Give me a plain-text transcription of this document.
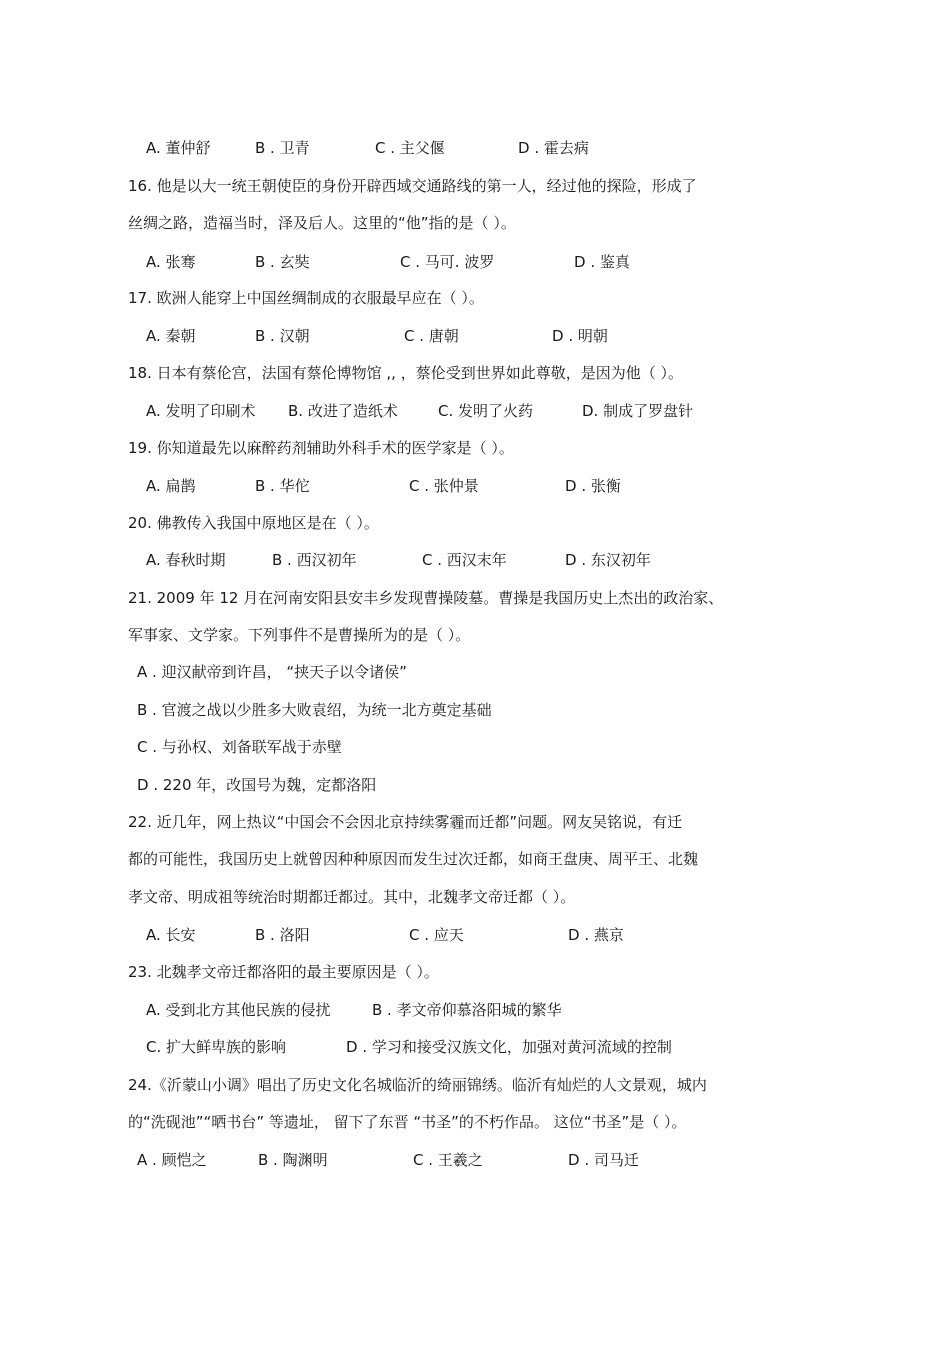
A. 董仲舒	B . 卫青	C . 主父偃	D . 霍去病
16. 他是以大一统王朝使臣的身份开辟西域交通路线的第一人，经过他的探险，形成了
丝绸之路，造福当时，泽及后人。这里的“他”指的是（ ）。
A. 张骞	B . 玄奘	C . 马可. 波罗	D . 鉴真
17. 欧洲人能穿上中国丝绸制成的衣服最早应在（ ）。
A. 秦朝	B . 汉朝	C . 唐朝	D . 明朝
18. 日本有蔡伦宫，法国有蔡伦博物馆 ,, ，蔡伦受到世界如此尊敬，是因为他（ ）。
A. 发明了印刷术 B. 改进了造纸术	C. 发明了火药	D. 制成了罗盘针
19. 你知道最先以麻醉药剂辅助外科手术的医学家是（ ）。
A. 扁鹊	B . 华佗	C . 张仲景	D . 张衡
20. 佛教传入我国中原地区是在（ ）。
A. 春秋时期	B . 西汉初年	C . 西汉末年	D . 东汉初年
21. 2009 年 12 月在河南安阳县安丰乡发现曹操陵墓。曹操是我国历史上杰出的政治家、
军事家、文学家。下列事件不是曹操所为的是（ ）。
A . 迎汉献帝到许昌， “挟天子以令诸侯”
B . 官渡之战以少胜多大败袁绍，为统一北方奠定基础
C . 与孙权、刘备联军战于赤壁
D . 220 年，改国号为魏，定都洛阳
22. 近几年，网上热议“中国会不会因北京持续雾霾而迁都”问题。网友吴铭说，有迁
都的可能性，我国历史上就曾因种种原因而发生过次迁都，如商王盘庚、周平王、北魏
孝文帝、明成祖等统治时期都迁都过。其中，北魏孝文帝迁都（ ）。
A. 长安	B . 洛阳	C . 应天	D . 燕京
23. 北魏孝文帝迁都洛阳的最主要原因是（ ）。
A. 受到北方其他民族的侵扰	B . 孝文帝仰慕洛阳城的繁华
C. 扩大鲜卑族的影响	D . 学习和接受汉族文化，加强对黄河流域的控制
24.《沂蒙山小调》唱出了历史文化名城临沂的绮丽锦绣。临沂有灿烂的人文景观，城内
的“洗砚池”“晒书台” 等遗址， 留下了东晋 “书圣”的不朽作品。 这位“书圣”是（ ）。
A . 顾恺之	B . 陶渊明	C . 王羲之	D . 司马迁
